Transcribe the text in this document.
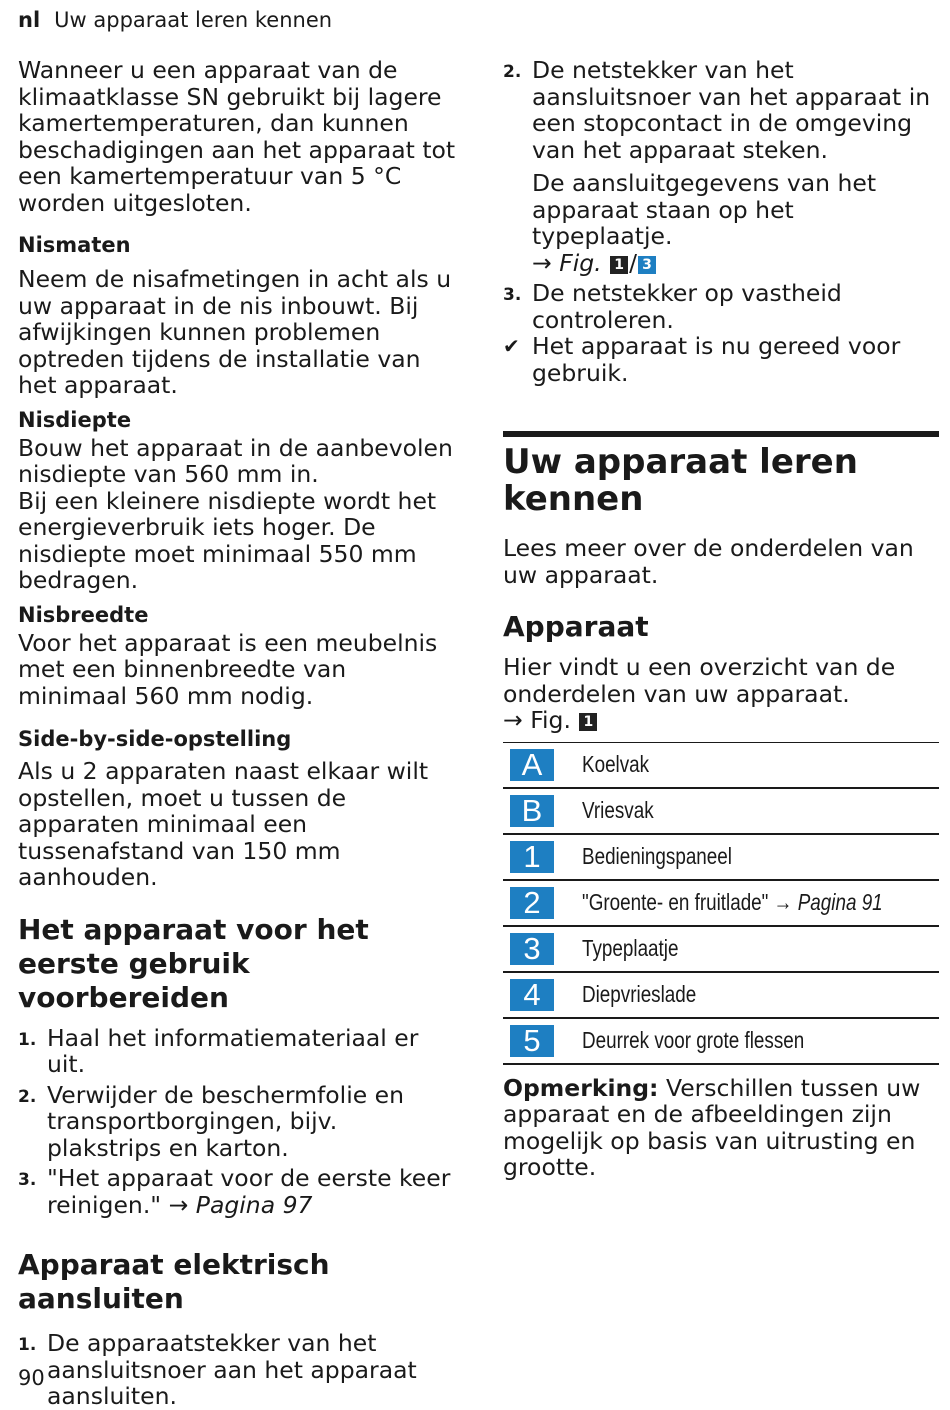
nl Uw apparaat leren kennen

Wanneer u een apparaat van de klimaatklasse SN gebruikt bij lagere kamertemperaturen, dan kunnen beschadigingen aan het apparaat tot een kamertemperatuur van 5 °C worden uitgesloten.

Nismaten

Neem de nisafmetingen in acht als u uw apparaat in de nis inbouwt. Bij afwijkingen kunnen problemen optreden tijdens de installatie van het apparaat.

Nisdiepte

Bouw het apparaat in de aanbevolen nisdiepte van 560 mm in.

Bij een kleinere nisdiepte wordt het energieverbruik iets hoger. De nisdiepte moet minimaal 550 mm bedragen.

Nisbreedte

Voor het apparaat is een meubelnis met een binnenbreedte van minimaal 560 mm nodig.

Side-by-side-opstelling

Als u 2 apparaten naast elkaar wilt opstellen, moet u tussen de apparaten minimaal een tussenafstand van 150 mm aanhouden.

Het apparaat voor het eerste gebruik voorbereiden
1. Haal het informatiemateriaal er uit.
2. Verwijder de beschermfolie en transportborgingen, bijv. plakstrips en karton.
3. "Het apparaat voor de eerste keer reinigen." → Pagina 97
Apparaat elektrisch aansluiten
1. De apparaatstekker van het aansluitsnoer aan het apparaat aansluiten.
2. De netstekker van het aansluitsnoer van het apparaat in een stopcontact in de omgeving van het apparaat steken.

De aansluitgegevens van het apparaat staan op het typeplaatje.
→ Fig. 1 / 3

3. De netstekker op vastheid controleren.
✔ Het apparaat is nu gereed voor gebruik.
Uw apparaat leren kennen

Lees meer over de onderdelen van uw apparaat.

Apparaat

Hier vindt u een overzicht van de onderdelen van uw apparaat.
→ Fig. 1

A	Koelvak
B	Vriesvak
1	Bedieningspaneel
2	"Groente- en fruitlade" → Pagina 91
3	Typeplaatje
4	Diepvrieslade
5	Deurrek voor grote flessen

Opmerking: Verschillen tussen uw apparaat en de afbeeldingen zijn mogelijk op basis van uitrusting en grootte.

90
